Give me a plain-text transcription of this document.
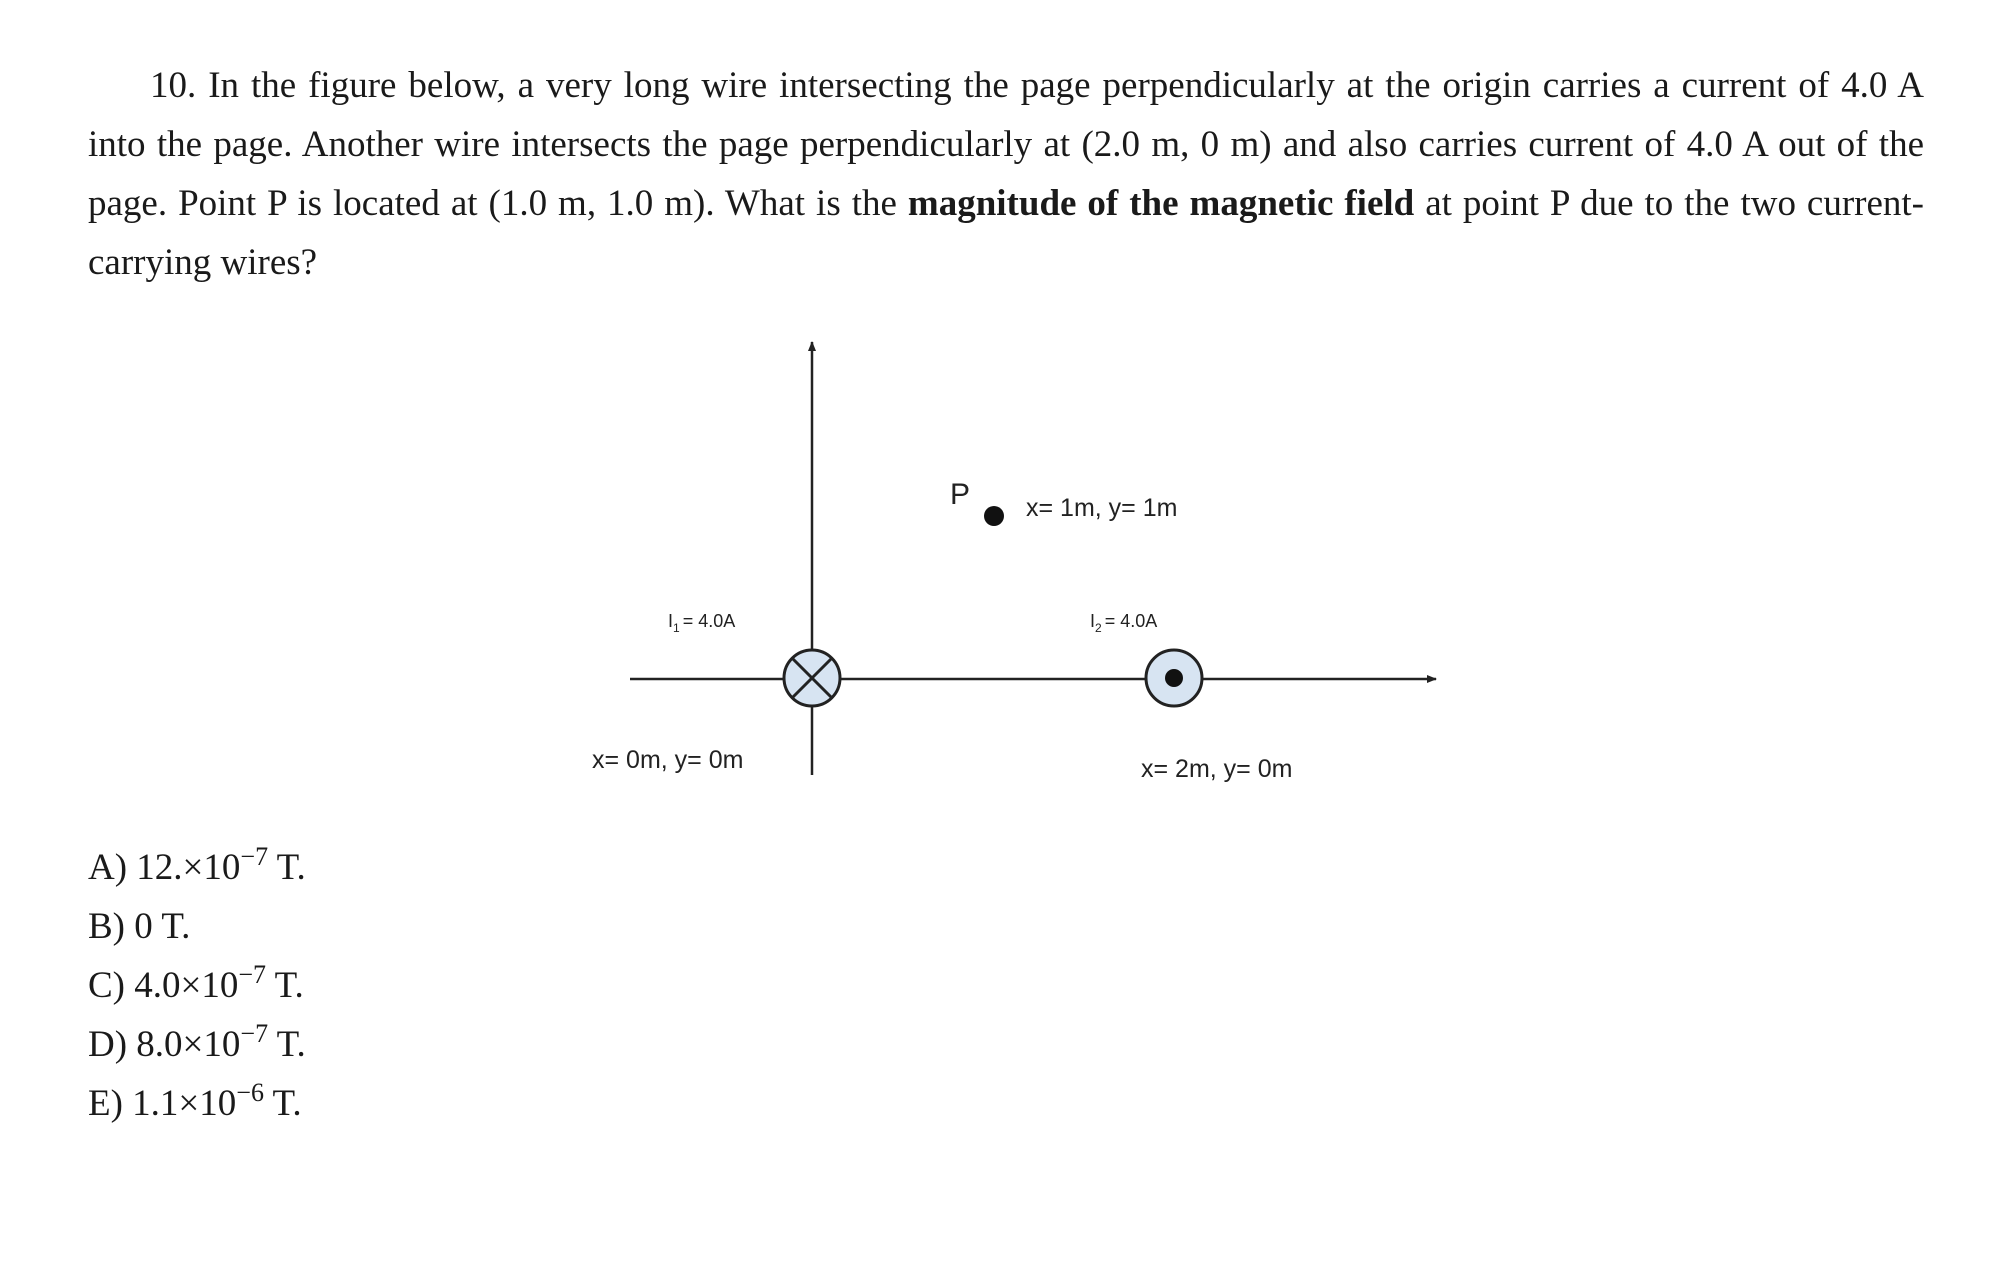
10. In the figure below, a very long wire intersecting the page perpendicularly at the origin carries a current of 4.0 A into the page. Another wire intersects the page perpendicularly at (2.0 m, 0 m) and also carries current of 4.0 A out of the page. Point P is located at (1.0 m, 1.0 m). What is the magnitude of the magnetic field at point P due to the two current-carrying wires?
P x= 1m, y= 1m
$I_1 = 4.0A$	$I_2 = 4.0A$
x= 0m, y= 0m	x= 2m, y= 0m
A) $12.\times 10^{-7}$ T.
B) 0 T.
C) $4.0\times 10^{-7}$ T.
D) $8.0\times 10^{-7}$ T.
E) $1.1\times 10^{-6}$ T.
